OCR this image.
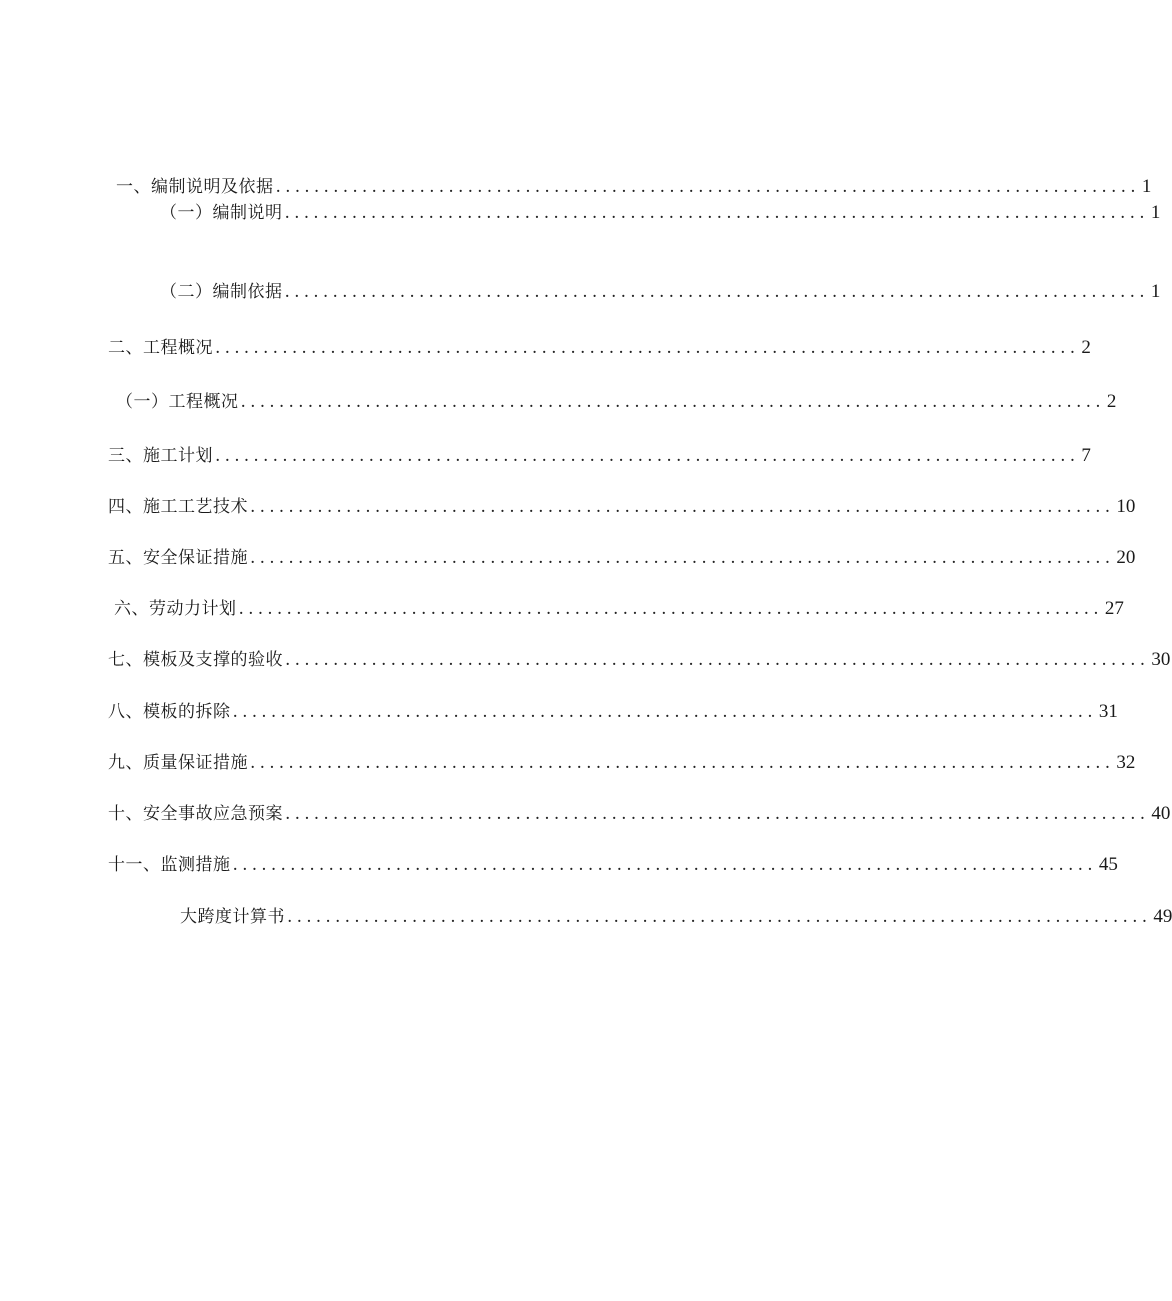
一、编制说明及依据 .......................................................................................... 1
（一）编制说明 .......................................................................................... 1
（二）编制依据 .......................................................................................... 1
二、工程概况 .......................................................................................... 2
（一）工程概况 .......................................................................................... 2
三、施工计划 .......................................................................................... 7
四、施工工艺技术 .......................................................................................... 10
五、安全保证措施 .......................................................................................... 20
六、劳动力计划 .......................................................................................... 27
七、模板及支撑的验收 .......................................................................................... 30
八、模板的拆除 .......................................................................................... 31
九、质量保证措施 .......................................................................................... 32
十、安全事故应急预案 .......................................................................................... 40
十一、监测措施 .......................................................................................... 45
大跨度计算书 .......................................................................................... 49
